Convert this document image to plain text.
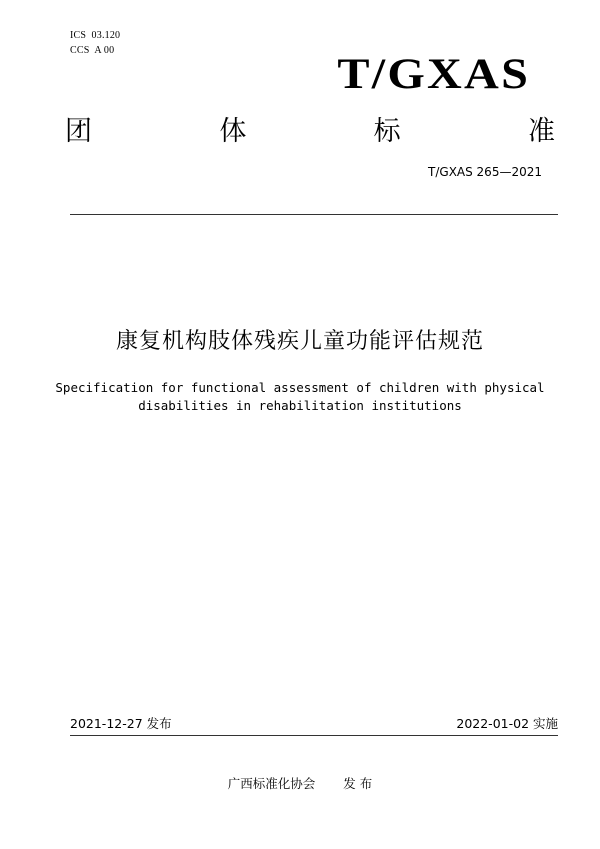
ICS  03.120
CCS  A 00
T/GXAS
团	体	标	准
T/GXAS 265—2021
康复机构肢体残疾儿童功能评估规范
Specification for functional assessment of children with physical
disabilities in rehabilitation institutions
2021-12-27 发布	2022-01-02 实施
广西标准化协会 发 布
